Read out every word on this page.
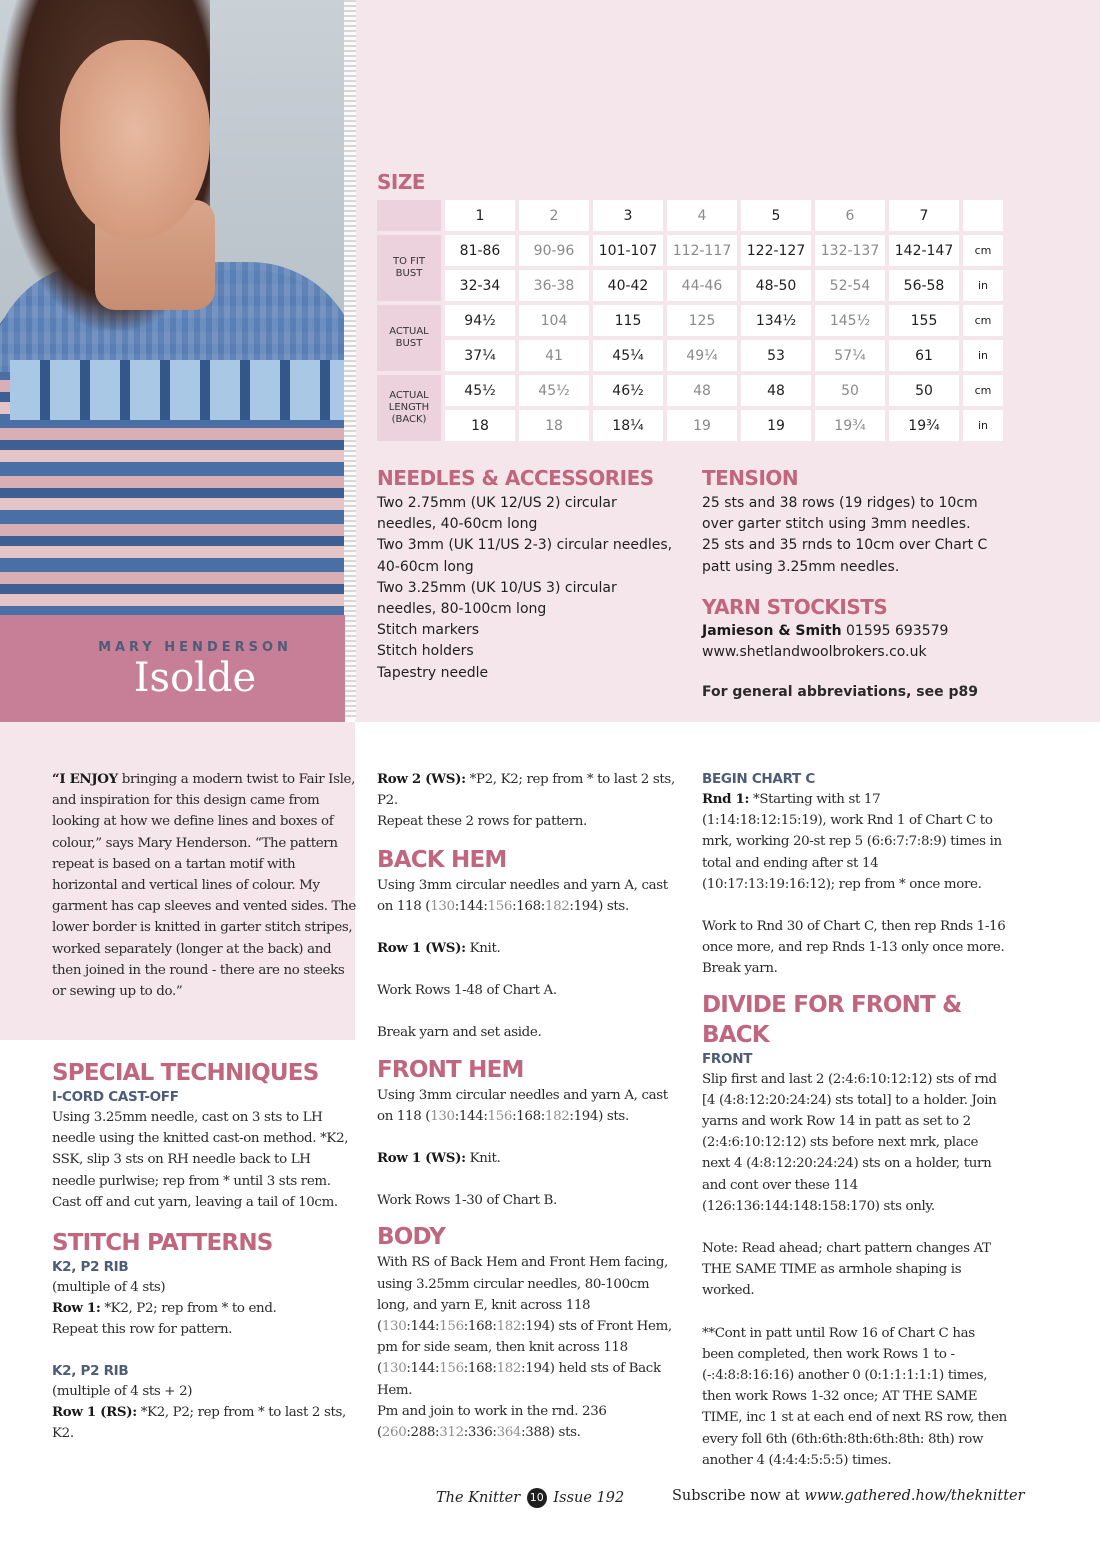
MARY HENDERSON
Isolde
SIZE
	1	2	3	4	5	6	7	
TO FIT BUST	81-86	90-96	101-107	112-117	122-127	132-137	142-147	cm
	32-34	36-38	40-42	44-46	48-50	52-54	56-58	in
ACTUAL BUST	94½	104	115	125	134½	145½	155	cm
	37¼	41	45¼	49¼	53	57¼	61	in
ACTUAL LENGTH (BACK)	45½	45½	46½	48	48	50	50	cm
	18	18	18¼	19	19	19¾	19¾	in
NEEDLES & ACCESSORIES
Two 2.75mm (UK 12/US 2) circular needles, 40-60cm long
Two 3mm (UK 11/US 2-3) circular needles, 40-60cm long
Two 3.25mm (UK 10/US 3) circular needles, 80-100cm long
Stitch markers
Stitch holders
Tapestry needle
TENSION
25 sts and 38 rows (19 ridges) to 10cm over garter stitch using 3mm needles.
25 sts and 35 rnds to 10cm over Chart C patt using 3.25mm needles.
YARN STOCKISTS
Jamieson & Smith 01595 693579
www.shetlandwoolbrokers.co.uk
For general abbreviations, see p89
“I ENJOY bringing a modern twist to Fair Isle, and inspiration for this design came from looking at how we define lines and boxes of colour,” says Mary Henderson. “The pattern repeat is based on a tartan motif with horizontal and vertical lines of colour. My garment has cap sleeves and vented sides. The lower border is knitted in garter stitch stripes, worked separately (longer at the back) and then joined in the round - there are no steeks or sewing up to do.”
SPECIAL TECHNIQUES
I-CORD CAST-OFF
Using 3.25mm needle, cast on 3 sts to LH needle using the knitted cast-on method. *K2, SSK, slip 3 sts on RH needle back to LH needle purlwise; rep from * until 3 sts rem. Cast off and cut yarn, leaving a tail of 10cm.
STITCH PATTERNS
K2, P2 RIB
(multiple of 4 sts)
Row 1: *K2, P2; rep from * to end.
Repeat this row for pattern.
K2, P2 RIB
(multiple of 4 sts + 2)
Row 1 (RS): *K2, P2; rep from * to last 2 sts, K2.
Row 2 (WS): *P2, K2; rep from * to last 2 sts, P2.
Repeat these 2 rows for pattern.
BACK HEM
Using 3mm circular needles and yarn A, cast on 118 (130:144:156:168:182:194) sts.
Row 1 (WS): Knit.
Work Rows 1-48 of Chart A.
Break yarn and set aside.
FRONT HEM
Using 3mm circular needles and yarn A, cast on 118 (130:144:156:168:182:194) sts.
Row 1 (WS): Knit.
Work Rows 1-30 of Chart B.
BODY
With RS of Back Hem and Front Hem facing, using 3.25mm circular needles, 80-100cm long, and yarn E, knit across 118 (130:144:156:168:182:194) sts of Front Hem, pm for side seam, then knit across 118 (130:144:156:168:182:194) held sts of Back Hem.
Pm and join to work in the rnd. 236 (260:288:312:336:364:388) sts.
BEGIN CHART C
Rnd 1: *Starting with st 17 (1:14:18:12:15:19), work Rnd 1 of Chart C to mrk, working 20-st rep 5 (6:6:7:7:8:9) times in total and ending after st 14 (10:17:13:19:16:12); rep from * once more.
Work to Rnd 30 of Chart C, then rep Rnds 1-16 once more, and rep Rnds 1-13 only once more. Break yarn.
DIVIDE FOR FRONT & BACK
FRONT
Slip first and last 2 (2:4:6:10:12:12) sts of rnd [4 (4:8:12:20:24:24) sts total] to a holder. Join yarns and work Row 14 in patt as set to 2 (2:4:6:10:12:12) sts before next mrk, place next 4 (4:8:12:20:24:24) sts on a holder, turn and cont over these 114 (126:136:144:148:158:170) sts only.
Note: Read ahead; chart pattern changes AT THE SAME TIME as armhole shaping is worked.
**Cont in patt until Row 16 of Chart C has been completed, then work Rows 1 to -(-:4:8:8:16:16) another 0 (0:1:1:1:1:1) times, then work Rows 1-32 once; AT THE SAME TIME, inc 1 st at each end of next RS row, then every foll 6th (6th:6th:8th:6th:8th: 8th) row another 4 (4:4:4:5:5:5) times.
The Knitter 10 Issue 192	Subscribe now at www.gathered.how/theknitter
